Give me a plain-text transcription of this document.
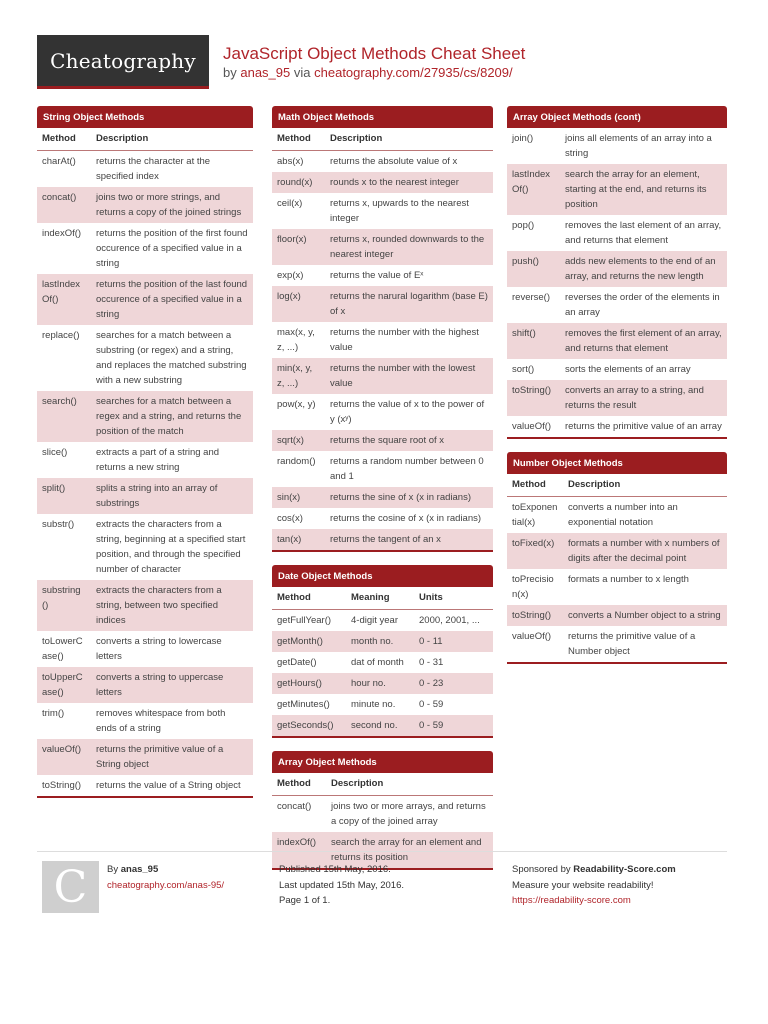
Cheatography JavaScript Object Methods Cheat Sheet
by anas_95 via cheatography.com/27935/cs/8209/
String Object Methods
Method	Description
charAt()	returns the character at the specified index
concat()	joins two or more strings, and returns a copy of the joined strings
indexOf()	returns the position of the first found occurence of a specified value in a string
lastIndex Of()	returns the position of the last found occurence of a specified value in a string
replace()	searches for a match between a substring (or regex) and a string, and replaces the matched substring with a new substring
search()	searches for a match between a regex and a string, and returns the position of the match
slice()	extracts a part of a string and returns a new string
split()	splits a string into an array of substrings
substr()	extracts the characters from a string, beginning at a specified start position, and through the specified number of character
substring ()	extracts the characters from a string, between two specified indices
toLowerC ase()	converts a string to lowercase letters
toUpperC ase()	converts a string to uppercase letters
trim()	removes whitespace from both ends of a string
valueOf()	returns the primitive value of a String object
toString()	returns the value of a String object
Math Object Methods
Method	Description
abs(x)	returns the absolute value of x
round(x)	rounds x to the nearest integer
ceil(x)	returns x, upwards to the nearest integer
floor(x)	returns x, rounded downwards to the nearest integer
exp(x)	returns the value of Eˣ
log(x)	returns the narural logarithm (base E) of x
max(x, y, z, ...)	returns the number with the highest value
min(x, y, z, ...)	returns the number with the lowest value
pow(x, y)	returns the value of x to the power of y (xʸ)
sqrt(x)	returns the square root of x
random()	returns a random number between 0 and 1
sin(x)	returns the sine of x (x in radians)
cos(x)	returns the cosine of x (x in radians)
tan(x)	returns the tangent of an x
Date Object Methods
Method	Meaning	Units
getFullYear()	4-digit year	2000, 2001, ...
getMonth()	month no.	0 - 11
getDate()	dat of month	0 - 31
getHours()	hour no.	0 - 23
getMinutes()	minute no.	0 - 59
getSeconds()	second no.	0 - 59
Array Object Methods
Method	Description
concat()	joins two or more arrays, and returns a copy of the joined array
indexOf()	search the array for an element and returns its position
Array Object Methods (cont)
join()	joins all elements of an array into a string
lastIndex Of()	search the array for an element, starting at the end, and returns its position
pop()	removes the last element of an array, and returns that element
push()	adds new elements to the end of an array, and returns the new length
reverse()	reverses the order of the elements in an array
shift()	removes the first element of an array, and returns that element
sort()	sorts the elements of an array
toString()	converts an array to a string, and returns the result
valueOf()	returns the primitive value of an array
Number Object Methods
Method	Description
toExponen tial(x)	converts a number into an exponential notation
toFixed(x)	formats a number with x numbers of digits after the decimal point
toPrecisio n(x)	formats a number to x length
toString()	converts a Number object to a string
valueOf()	returns the primitive value of a Number object
C By anas_95
cheatography.com/anas-95/
Published 15th May, 2016.
Last updated 15th May, 2016.
Page 1 of 1.
Sponsored by Readability-Score.com
Measure your website readability!
https://readability-score.com
